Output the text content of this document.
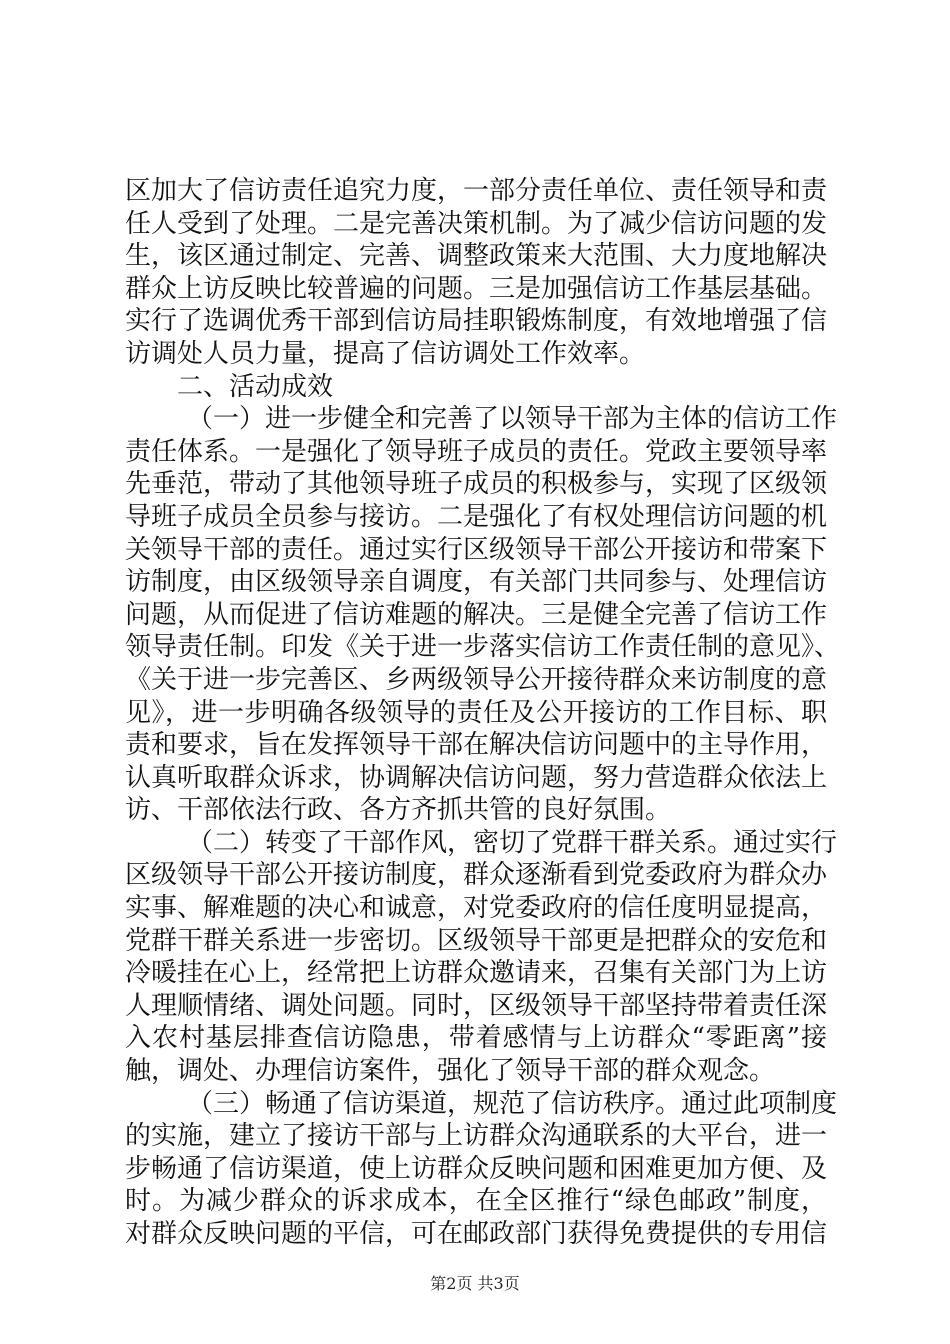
区加大了信访责任追究力度，一部分责任单位、责任领导和责
任人受到了处理。二是完善决策机制。为了减少信访问题的发
生，该区通过制定、完善、调整政策来大范围、大力度地解决
群众上访反映比较普遍的问题。三是加强信访工作基层基础。
实行了选调优秀干部到信访局挂职锻炼制度，有效地增强了信
访调处人员力量，提高了信访调处工作效率。
二、活动成效
（一）进一步健全和完善了以领导干部为主体的信访工作
责任体系。一是强化了领导班子成员的责任。党政主要领导率
先垂范，带动了其他领导班子成员的积极参与，实现了区级领
导班子成员全员参与接访。二是强化了有权处理信访问题的机
关领导干部的责任。通过实行区级领导干部公开接访和带案下
访制度，由区级领导亲自调度，有关部门共同参与、处理信访
问题，从而促进了信访难题的解决。三是健全完善了信访工作
领导责任制。印发《关于进一步落实信访工作责任制的意见》、
《关于进一步完善区、乡两级领导公开接待群众来访制度的意
见》，进一步明确各级领导的责任及公开接访的工作目标、职
责和要求，旨在发挥领导干部在解决信访问题中的主导作用，
认真听取群众诉求，协调解决信访问题，努力营造群众依法上
访、干部依法行政、各方齐抓共管的良好氛围。
（二）转变了干部作风，密切了党群干群关系。通过实行
区级领导干部公开接访制度，群众逐渐看到党委政府为群众办
实事、解难题的决心和诚意，对党委政府的信任度明显提高，
党群干群关系进一步密切。区级领导干部更是把群众的安危和
冷暖挂在心上，经常把上访群众邀请来，召集有关部门为上访
人理顺情绪、调处问题。同时，区级领导干部坚持带着责任深
入农村基层排查信访隐患，带着感情与上访群众“零距离”接
触，调处、办理信访案件，强化了领导干部的群众观念。
（三）畅通了信访渠道，规范了信访秩序。通过此项制度
的实施，建立了接访干部与上访群众沟通联系的大平台，进一
步畅通了信访渠道，使上访群众反映问题和困难更加方便、及
时。为减少群众的诉求成本，在全区推行“绿色邮政”制度，
对群众反映问题的平信，可在邮政部门获得免费提供的专用信
第2页 共3页
